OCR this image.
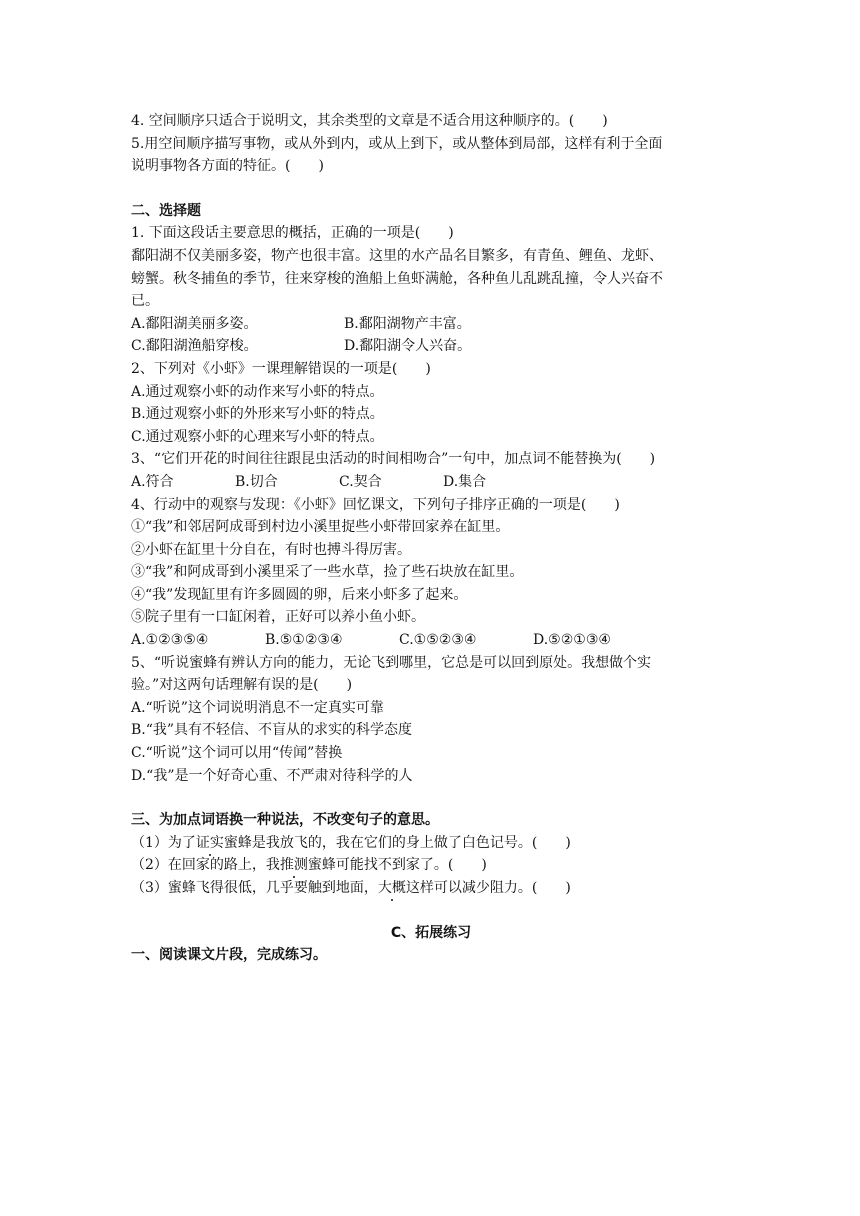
4. 空间顺序只适合于说明文，其余类型的文章是不适合用这种顺序的。(　　)
5.用空间顺序描写事物，或从外到内，或从上到下，或从整体到局部，这样有利于全面
说明事物各方面的特征。(　　)
二、选择题
1. 下面这段话主要意思的概括，正确的一项是(　　)
鄱阳湖不仅美丽多姿，物产也很丰富。这里的水产品名目繁多，有青鱼、鲤鱼、龙虾、
螃蟹。秋冬捕鱼的季节，往来穿梭的渔船上鱼虾满舱，各种鱼儿乱跳乱撞，令人兴奋不
已。
A.鄱阳湖美丽多姿。	B.鄱阳湖物产丰富。
C.鄱阳湖渔船穿梭。	D.鄱阳湖令人兴奋。
2、下列对《小虾》一课理解错误的一项是(　　)
A.通过观察小虾的动作来写小虾的特点。
B.通过观察小虾的外形来写小虾的特点。
C.通过观察小虾的心理来写小虾的特点。
3、“它们开花的时间往往跟昆虫活动的时间相吻合”一句中，加点词不能替换为(　　)
A.符合	B.切合	C.契合	D.集合
4、行动中的观察与发现：《小虾》回忆课文，下列句子排序正确的一项是(　　)
①“我”和邻居阿成哥到村边小溪里捉些小虾带回家养在缸里。
②小虾在缸里十分自在，有时也搏斗得厉害。
③“我”和阿成哥到小溪里采了一些水草，捡了些石块放在缸里。
④“我”发现缸里有许多圆圆的卵，后来小虾多了起来。
⑤院子里有一口缸闲着，正好可以养小鱼小虾。
A.①②③⑤④	B.⑤①②③④	C.①⑤②③④	D.⑤②①③④
5、“听说蜜蜂有辨认方向的能力，无论飞到哪里，它总是可以回到原处。我想做个实
验。”对这两句话理解有误的是(　　)
A.“听说”这个词说明消息不一定真实可靠
B.“我”具有不轻信、不盲从的求实的科学态度
C.“听说”这个词可以用“传闻”替换
D.“我”是一个好奇心重、不严肃对待科学的人
三、为加点词语换一种说法，不改变句子的意思。
（1）为了证实蜜蜂是我放飞的，我在它们的身上做了白色记号。(　　)
（2）在回家的路上，我推测蜜蜂可能找不到家了。(　　)
（3）蜜蜂飞得很低，几乎要触到地面，大概这样可以减少阻力。(　　)
C、拓展练习
一、阅读课文片段，完成练习。
